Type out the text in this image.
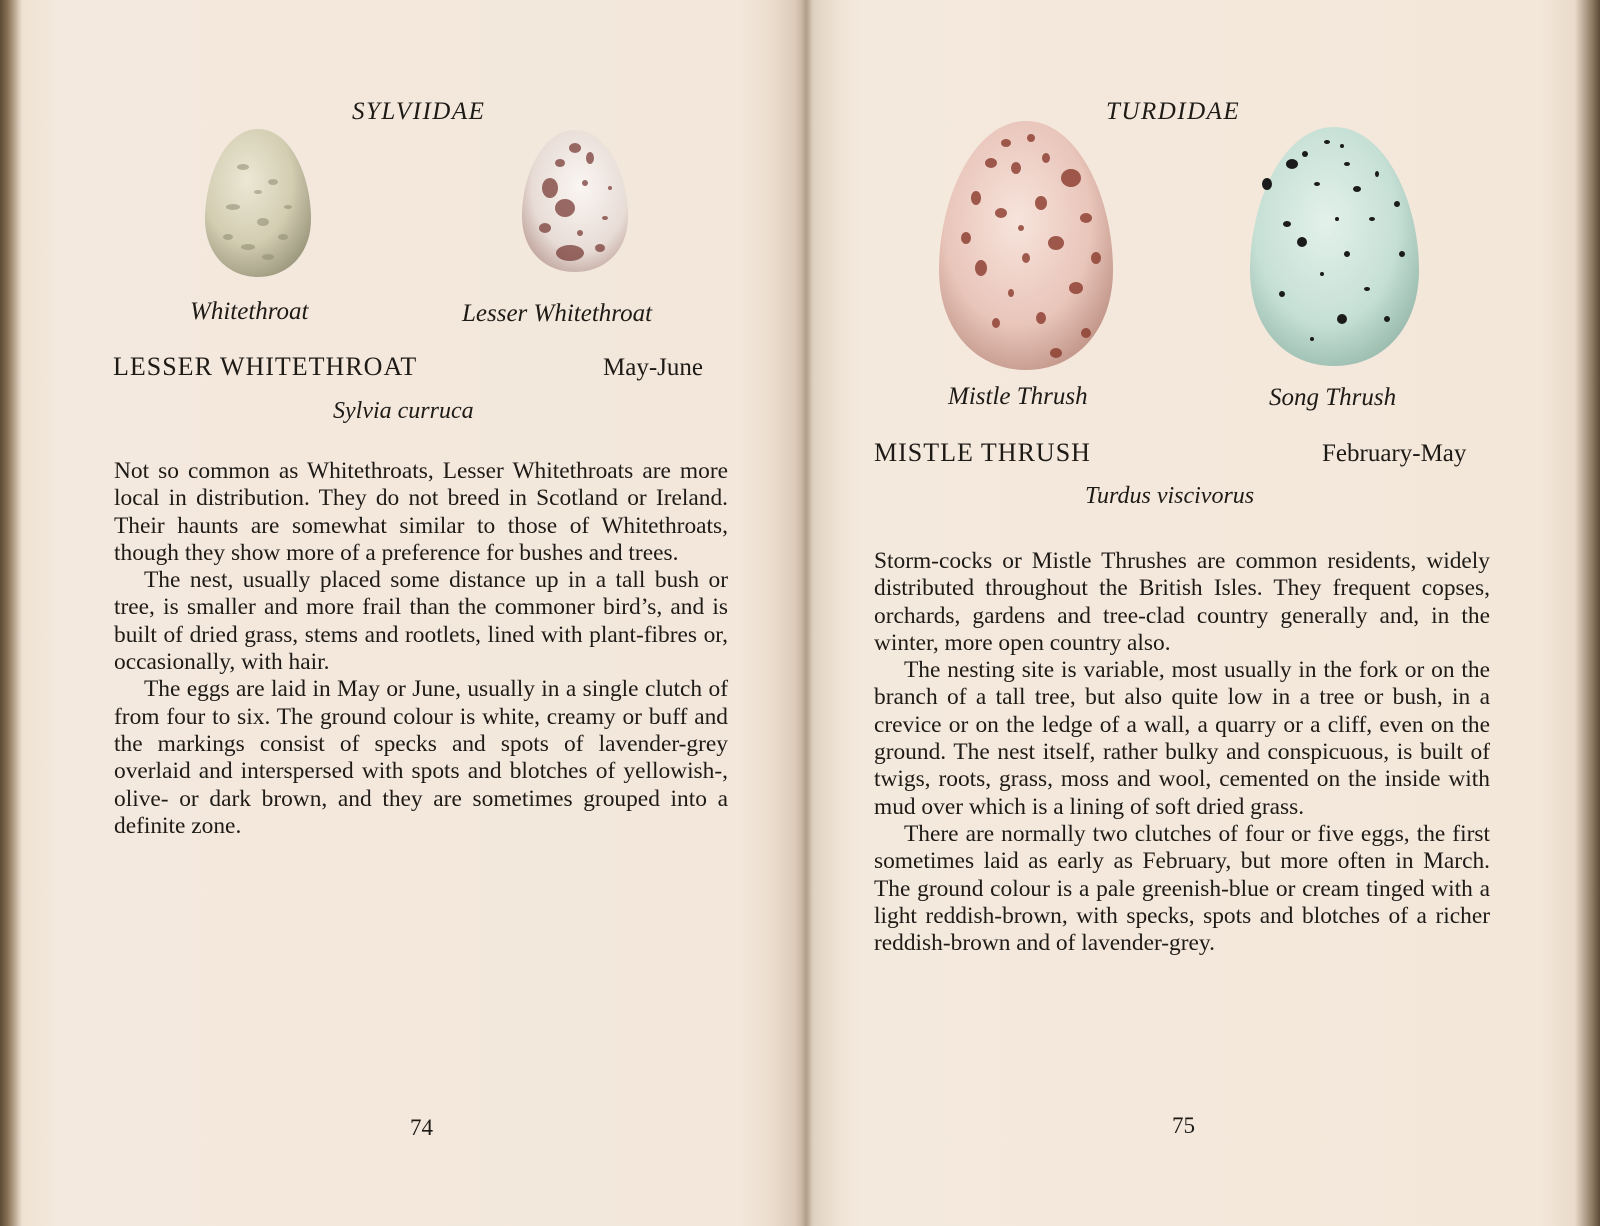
SYLVIIDAE
Whitethroat	Lesser Whitethroat
LESSER WHITETHROAT	May-June
Sylvia curruca

Not so common as Whitethroats, Lesser Whitethroats are more local in distribution. They do not breed in Scotland or Ireland. Their haunts are somewhat similar to those of Whitethroats, though they show more of a preference for bushes and trees.

The nest, usually placed some distance up in a tall bush or tree, is smaller and more frail than the commoner bird’s, and is built of dried grass, stems and rootlets, lined with plant-fibres or, occasionally, with hair.

The eggs are laid in May or June, usually in a single clutch of from four to six. The ground colour is white, creamy or buff and the markings consist of specks and spots of lavender-grey overlaid and interspersed with spots and blotches of yellowish-, olive- or dark brown, and they are sometimes grouped into a definite zone.

74
TURDIDAE
Mistle Thrush	Song Thrush
MISTLE THRUSH	February-May
Turdus viscivorus

Storm-cocks or Mistle Thrushes are common residents, widely distributed throughout the British Isles. They frequent copses, orchards, gardens and tree-clad country generally and, in the winter, more open country also.

The nesting site is variable, most usually in the fork or on the branch of a tall tree, but also quite low in a tree or bush, in a crevice or on the ledge of a wall, a quarry or a cliff, even on the ground. The nest itself, rather bulky and conspicuous, is built of twigs, roots, grass, moss and wool, cemented on the inside with mud over which is a lining of soft dried grass.

There are normally two clutches of four or five eggs, the first sometimes laid as early as February, but more often in March. The ground colour is a pale greenish-blue or cream tinged with a light reddish-brown, with specks, spots and blotches of a richer reddish-brown and of lavender-grey.

75
